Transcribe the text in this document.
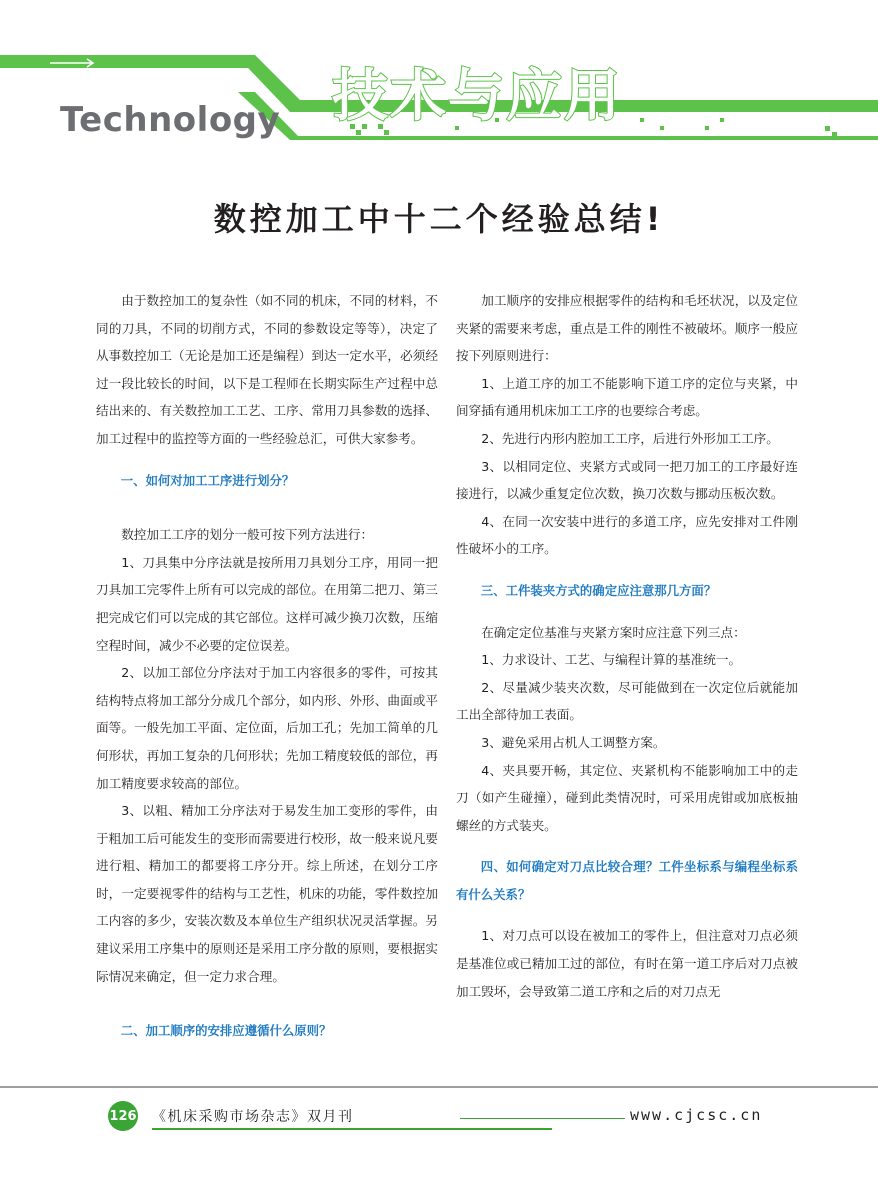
技术与应用
Technology
数控加工中十二个经验总结!

由于数控加工的复杂性（如不同的机床，不同的材料，不同的刀具，不同的切削方式，不同的参数设定等等），决定了从事数控加工（无论是加工还是编程）到达一定水平，必须经过一段比较长的时间，以下是工程师在长期实际生产过程中总结出来的、有关数控加工工艺、工序、常用刀具参数的选择、加工过程中的监控等方面的一些经验总汇，可供大家参考。

一、如何对加工工序进行划分？

数控加工工序的划分一般可按下列方法进行：

1、刀具集中分序法就是按所用刀具划分工序，用同一把刀具加工完零件上所有可以完成的部位。在用第二把刀、第三把完成它们可以完成的其它部位。这样可减少换刀次数，压缩空程时间，减少不必要的定位误差。

2、以加工部位分序法对于加工内容很多的零件，可按其结构特点将加工部分分成几个部分，如内形、外形、曲面或平面等。一般先加工平面、定位面，后加工孔；先加工简单的几何形状，再加工复杂的几何形状；先加工精度较低的部位，再加工精度要求较高的部位。

3、以粗、精加工分序法对于易发生加工变形的零件，由于粗加工后可能发生的变形而需要进行校形，故一般来说凡要进行粗、精加工的都要将工序分开。综上所述，在划分工序时，一定要视零件的结构与工艺性，机床的功能，零件数控加工内容的多少，安装次数及本单位生产组织状况灵活掌握。另建议采用工序集中的原则还是采用工序分散的原则，要根据实际情况来确定，但一定力求合理。

二、加工顺序的安排应遵循什么原则？

加工顺序的安排应根据零件的结构和毛坯状况，以及定位夹紧的需要来考虑，重点是工件的刚性不被破坏。顺序一般应按下列原则进行：

1、上道工序的加工不能影响下道工序的定位与夹紧，中间穿插有通用机床加工工序的也要综合考虑。

2、先进行内形内腔加工工序，后进行外形加工工序。

3、以相同定位、夹紧方式或同一把刀加工的工序最好连接进行，以减少重复定位次数，换刀次数与挪动压板次数。

4、在同一次安装中进行的多道工序，应先安排对工件刚性破坏小的工序。

三、工件装夹方式的确定应注意那几方面？

在确定定位基准与夹紧方案时应注意下列三点：

1、力求设计、工艺、与编程计算的基准统一。

2、尽量减少装夹次数，尽可能做到在一次定位后就能加工出全部待加工表面。

3、避免采用占机人工调整方案。

4、夹具要开畅，其定位、夹紧机构不能影响加工中的走刀（如产生碰撞），碰到此类情况时，可采用虎钳或加底板抽螺丝的方式装夹。

四、如何确定对刀点比较合理？工件坐标系与编程坐标系有什么关系？

1、对刀点可以设在被加工的零件上，但注意对刀点必须是基准位或已精加工过的部位，有时在第一道工序后对刀点被加工毁坏，会导致第二道工序和之后的对刀点无

126 《机床采购市场杂志》双月刊	www.cjcsc.cn
